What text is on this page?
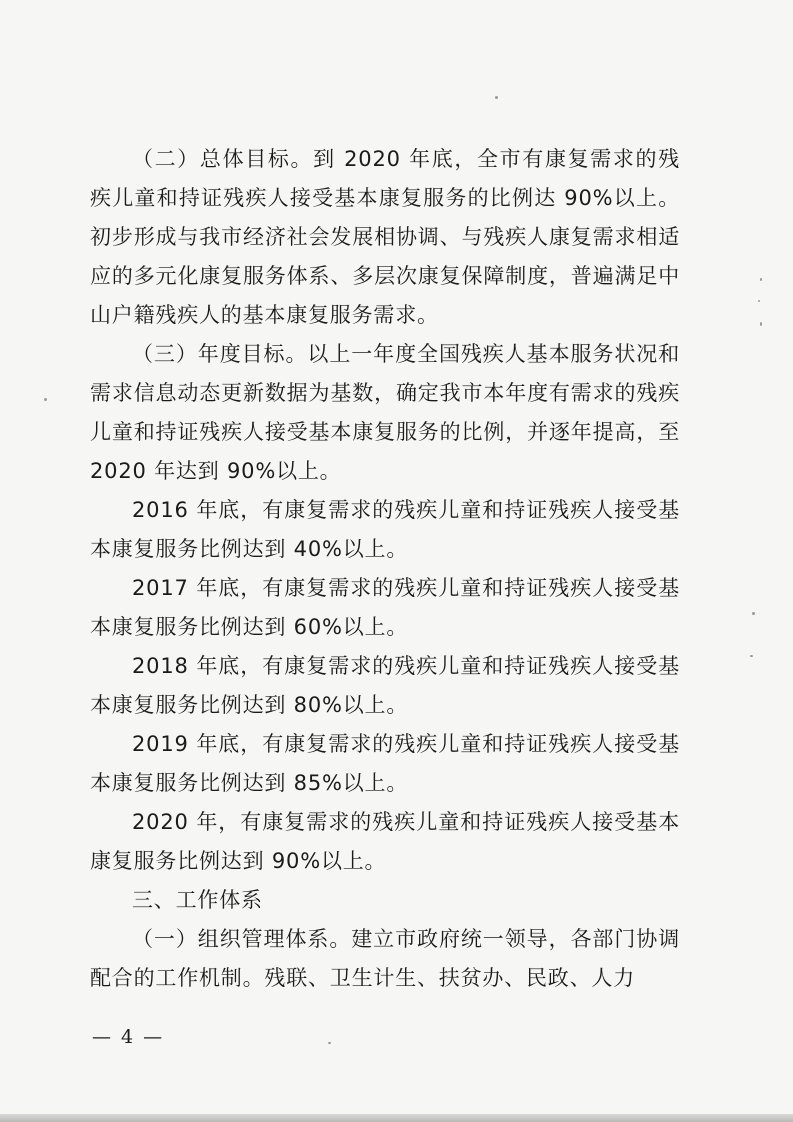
（二）总体目标。到 2020 年底，全市有康复需求的残疾儿童和持证残疾人接受基本康复服务的比例达 90%以上。初步形成与我市经济社会发展相协调、与残疾人康复需求相适应的多元化康复服务体系、多层次康复保障制度，普遍满足中山户籍残疾人的基本康复服务需求。

（三）年度目标。以上一年度全国残疾人基本服务状况和需求信息动态更新数据为基数，确定我市本年度有需求的残疾儿童和持证残疾人接受基本康复服务的比例，并逐年提高，至 2020 年达到 90%以上。

2016 年底，有康复需求的残疾儿童和持证残疾人接受基本康复服务比例达到 40%以上。

2017 年底，有康复需求的残疾儿童和持证残疾人接受基本康复服务比例达到 60%以上。

2018 年底，有康复需求的残疾儿童和持证残疾人接受基本康复服务比例达到 80%以上。

2019 年底，有康复需求的残疾儿童和持证残疾人接受基本康复服务比例达到 85%以上。

2020 年，有康复需求的残疾儿童和持证残疾人接受基本康复服务比例达到 90%以上。

三、工作体系

（一）组织管理体系。建立市政府统一领导，各部门协调配合的工作机制。残联、卫生计生、扶贫办、民政、人力

— 4 —
